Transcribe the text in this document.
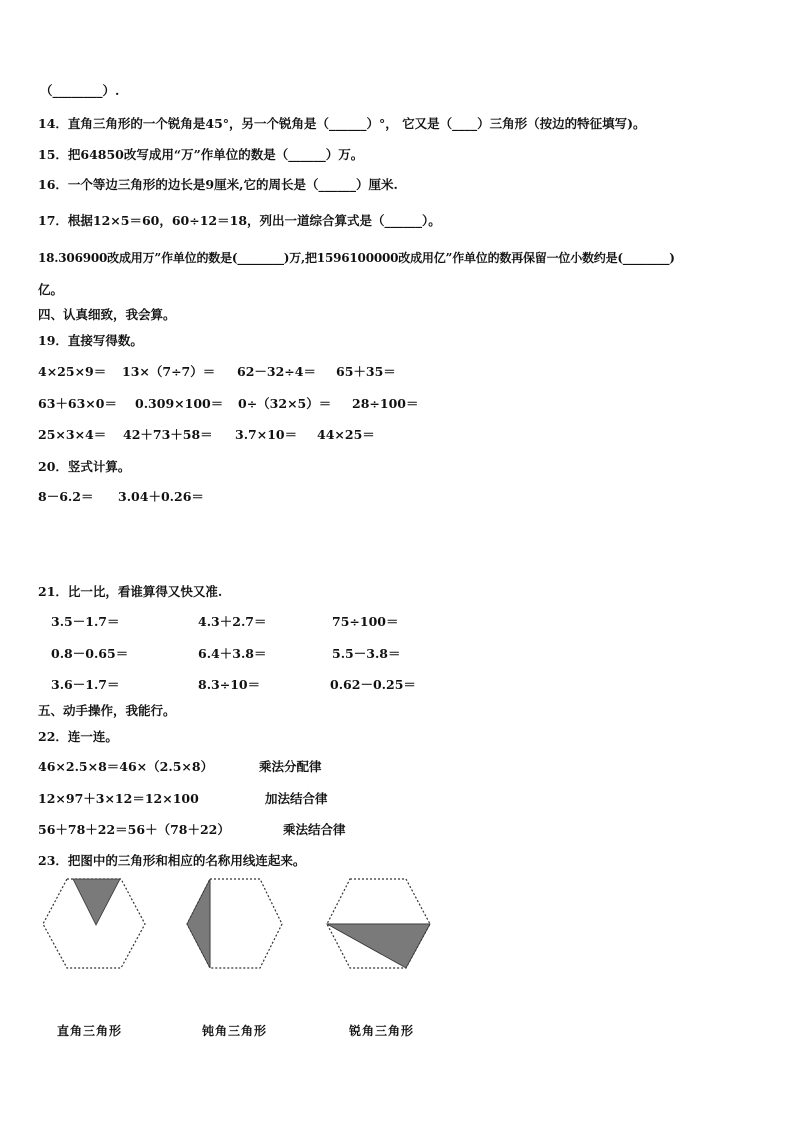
（________）.
14．直角三角形的一个锐角是45°，另一个锐角是（______）°， 它又是（____）三角形（按边的特征填写)。
15．把64850改写成用“万”作单位的数是（______）万。
16．一个等边三角形的边长是9厘米,它的周长是（______）厘米.
17．根据12×5＝60，60÷12＝18，列出一道综合算式是（______）。
18.306900改成用万”作单位的数是(________)万,把1596100000改成用亿”作单位的数再保留一位小数约是(________)
亿。
四、认真细致，我会算。
19．直接写得数。
4×25×9＝ 13×（7÷7）＝ 62－32÷4＝ 65＋35＝
63＋63×0＝ 0.309×100＝ 0÷（32×5）＝ 28÷100＝
25×3×4＝ 42＋73＋58＝ 3.7×10＝ 44×25＝
20．竖式计算。
8－6.2＝ 3.04＋0.26＝
21．比一比，看谁算得又快又准.
3.5－1.7＝	4.3＋2.7＝	75÷100＝
0.8－0.65＝	6.4＋3.8＝	5.5－3.8＝
3.6－1.7＝	8.3÷10＝	0.62－0.25＝
五、动手操作，我能行。
22．连一连。
46×2.5×8＝46×（2.5×8）	乘法分配律
12×97＋3×12＝12×100	加法结合律
56＋78＋22＝56＋（78＋22）	乘法结合律
23．把图中的三角形和相应的名称用线连起来。
直角三角形	钝角三角形	锐角三角形
